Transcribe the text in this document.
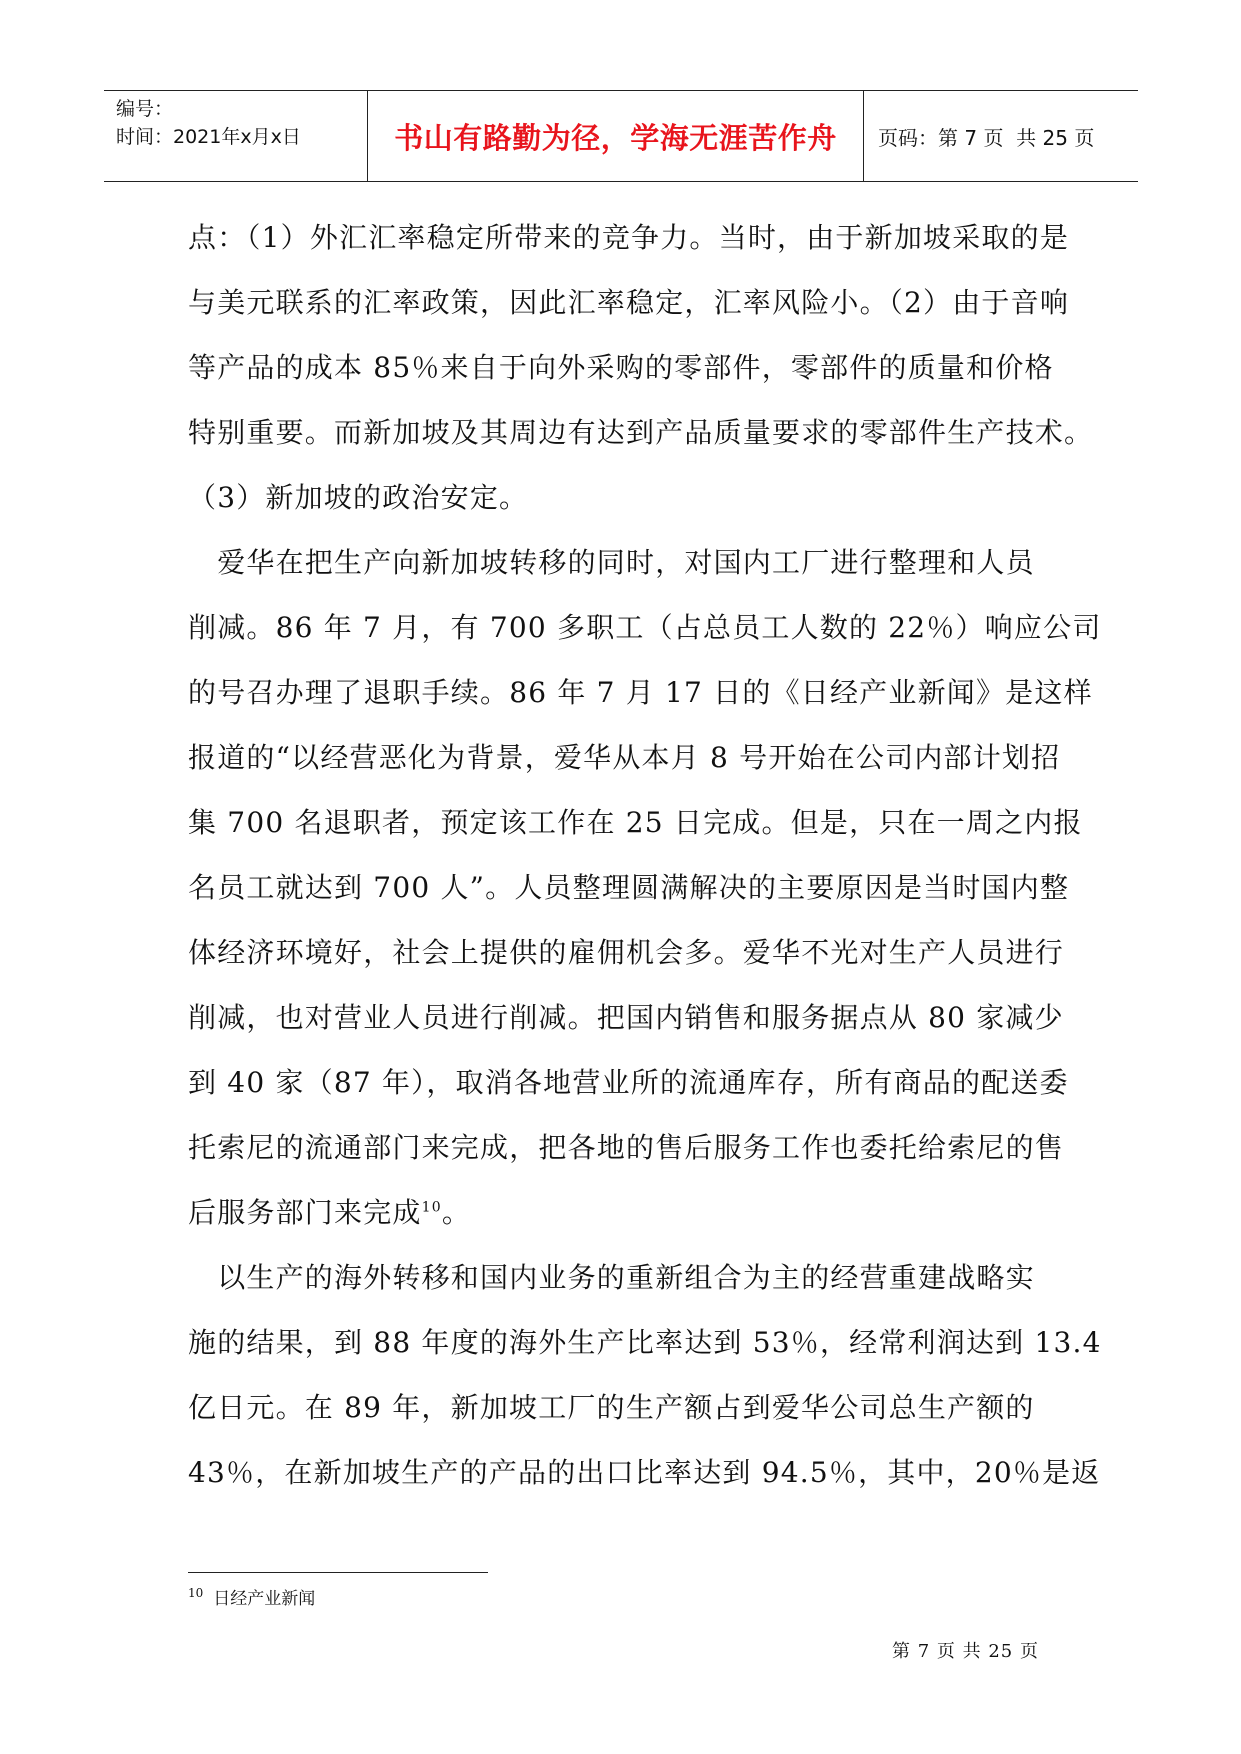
编号：
时间：2021年x月x日	书山有路勤为径，学海无涯苦作舟 页码：第 7 页  共 25 页
点：（1）外汇汇率稳定所带来的竞争力。当时，由于新加坡采取的是
与美元联系的汇率政策，因此汇率稳定，汇率风险小。（2）由于音响
等产品的成本 85％来自于向外采购的零部件，零部件的质量和价格
特别重要。而新加坡及其周边有达到产品质量要求的零部件生产技术。
（3）新加坡的政治安定。
　爱华在把生产向新加坡转移的同时，对国内工厂进行整理和人员
削减。86 年 7 月，有 700 多职工（占总员工人数的 22％）响应公司
的号召办理了退职手续。86 年 7 月 17 日的《日经产业新闻》是这样
报道的“以经营恶化为背景，爱华从本月 8 号开始在公司内部计划招
集 700 名退职者，预定该工作在 25 日完成。但是，只在一周之内报
名员工就达到 700 人”。人员整理圆满解决的主要原因是当时国内整
体经济环境好，社会上提供的雇佣机会多。爱华不光对生产人员进行
削减，也对营业人员进行削减。把国内销售和服务据点从 80 家减少
到 40 家（87 年），取消各地营业所的流通库存，所有商品的配送委
托索尼的流通部门来完成，把各地的售后服务工作也委托给索尼的售
后服务部门来完成$^{10}$。
　以生产的海外转移和国内业务的重新组合为主的经营重建战略实
施的结果，到 88 年度的海外生产比率达到 53％，经常利润达到 13.4
亿日元。在 89 年，新加坡工厂的生产额占到爱华公司总生产额的
43％，在新加坡生产的产品的出口比率达到 94.5％，其中，20％是返
$^{10}$ 日经产业新闻
第 7 页 共 25 页
